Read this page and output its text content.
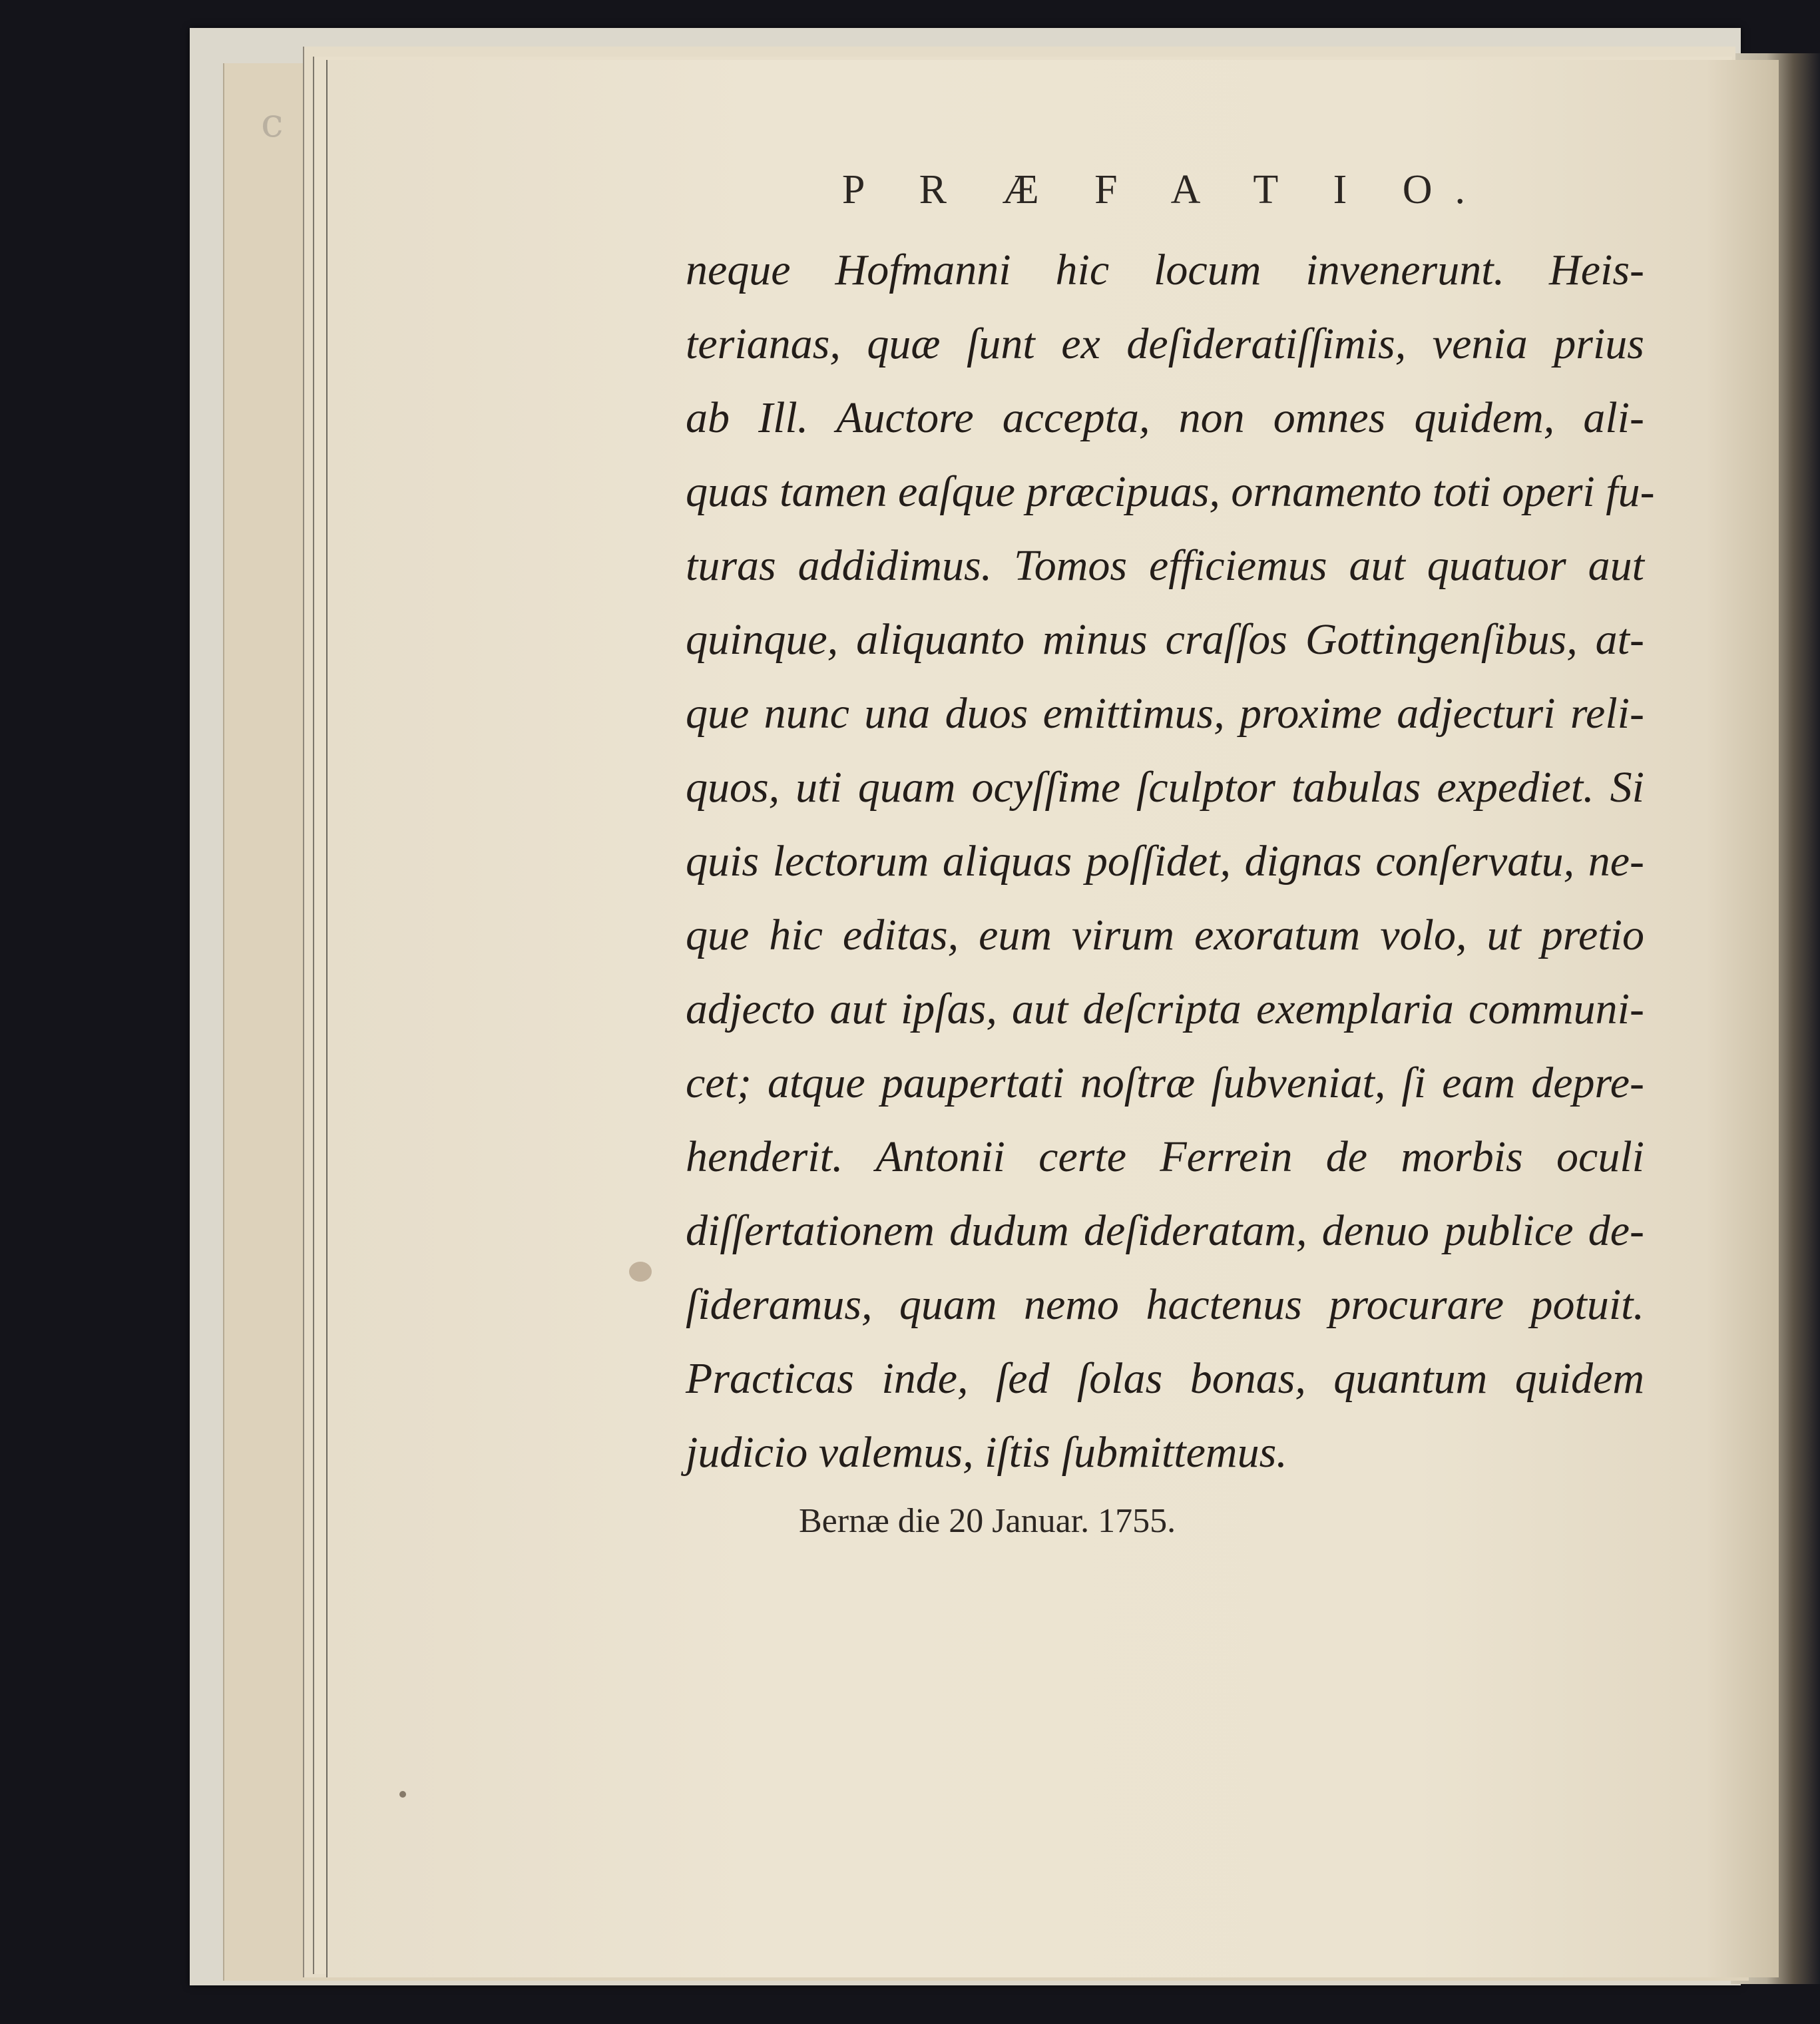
c
P R Æ F A T I O.
neque Hofmanni hic locum invenerunt. Heis-
terianas, quæ ſunt ex deſideratiſſimis, venia prius
ab Ill. Auctore accepta, non omnes quidem, ali-
quas tamen eaſque præcipuas, ornamento toti operi fu-
turas addidimus. Tomos efficiemus aut quatuor aut
quinque, aliquanto minus craſſos Gottingenſibus, at-
que nunc una duos emittimus, proxime adjecturi reli-
quos, uti quam ocyſſime ſculptor tabulas expediet. Si
quis lectorum aliquas poſſidet, dignas conſervatu, ne-
que hic editas, eum virum exoratum volo, ut pretio
adjecto aut ipſas, aut deſcripta exemplaria communi-
cet; atque paupertati noſtræ ſubveniat, ſi eam depre-
henderit. Antonii certe Ferrein de morbis oculi
diſſertationem dudum deſideratam, denuo publice de-
ſideramus, quam nemo hactenus procurare potuit.
Practicas inde, ſed ſolas bonas, quantum quidem
judicio valemus, iſtis ſubmittemus.
Bernæ die 20 Januar. 1755.
